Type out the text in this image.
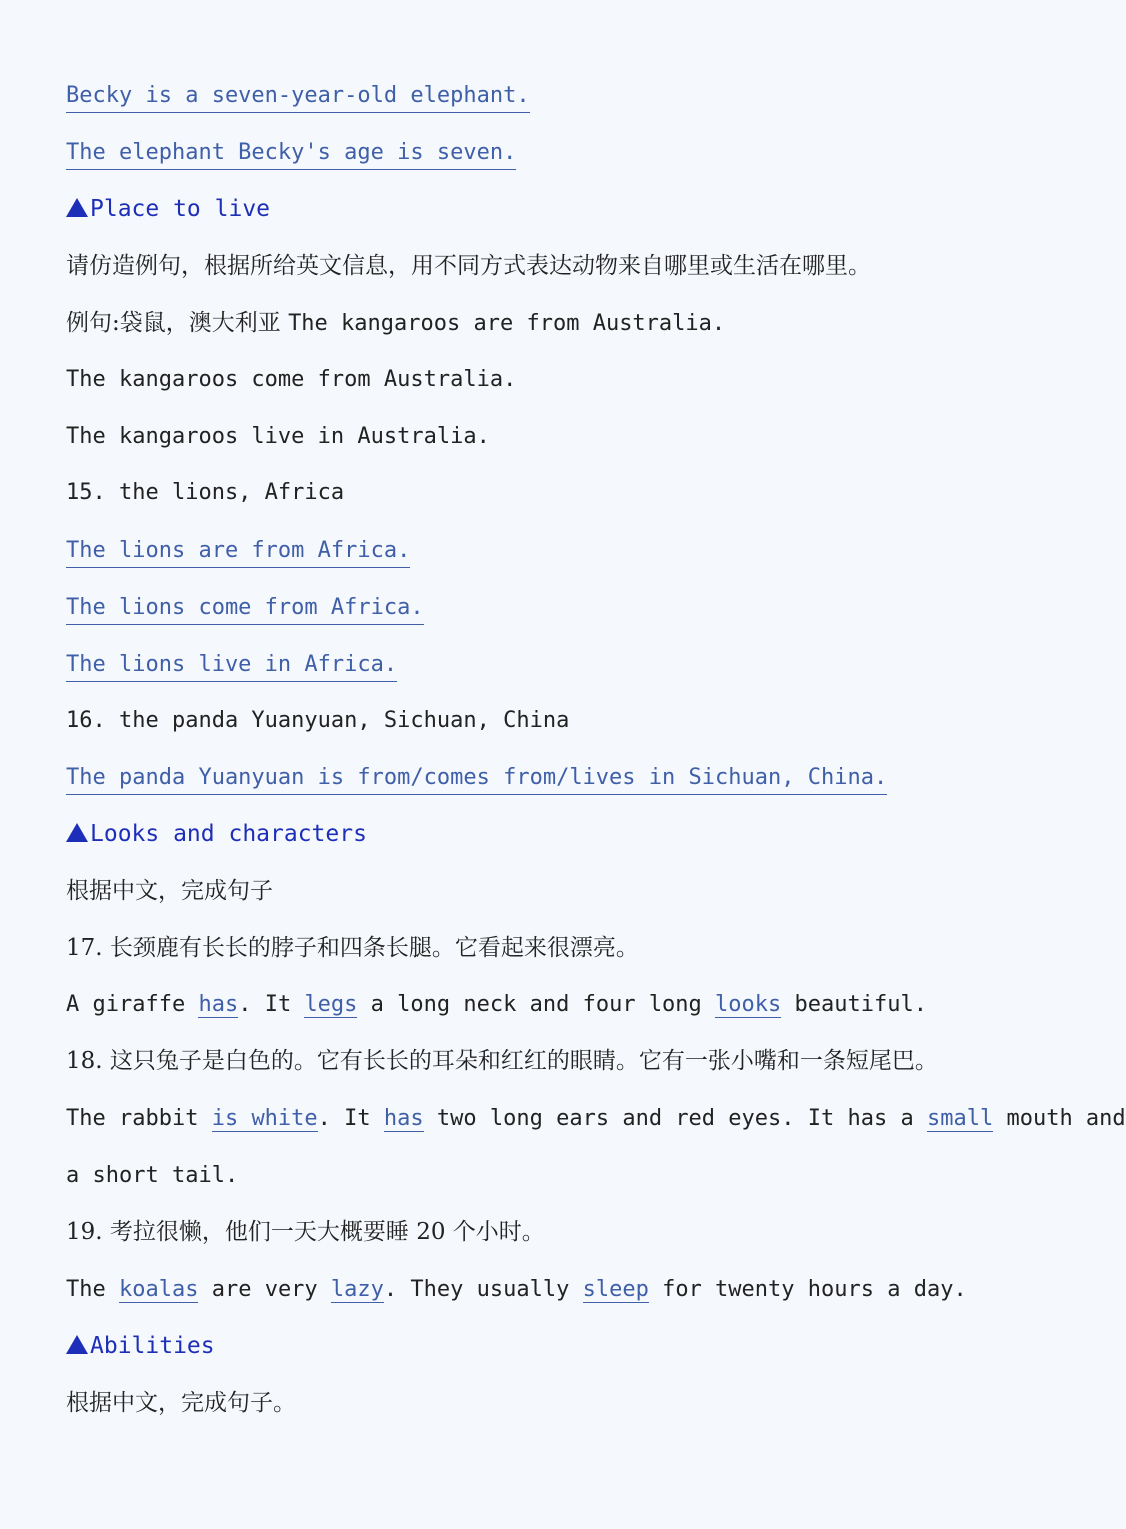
Becky is a seven-year-old elephant.
The elephant Becky's age is seven.
Place to live
请仿造例句，根据所给英文信息，用不同方式表达动物来自哪里或生活在哪里。
例句:袋鼠，澳大利亚 The kangaroos are from Australia.
The kangaroos come from Australia.
The kangaroos live in Australia.
15. the lions, Africa
The lions are from Africa.
The lions come from Africa.
The lions live in Africa.
16. the panda Yuanyuan, Sichuan, China
The panda Yuanyuan is from/comes from/lives in Sichuan, China.
Looks and characters
根据中文，完成句子
17. 长颈鹿有长长的脖子和四条长腿。它看起来很漂亮。
A giraffe has. It legs a long neck and four long looks beautiful.
18. 这只兔子是白色的。它有长长的耳朵和红红的眼睛。它有一张小嘴和一条短尾巴。
The rabbit is white. It has two long ears and red eyes. It has a small mouth and
a short tail.
19. 考拉很懒，他们一天大概要睡 20 个小时。
The koalas are very lazy. They usually sleep for twenty hours a day.
Abilities
根据中文，完成句子。
